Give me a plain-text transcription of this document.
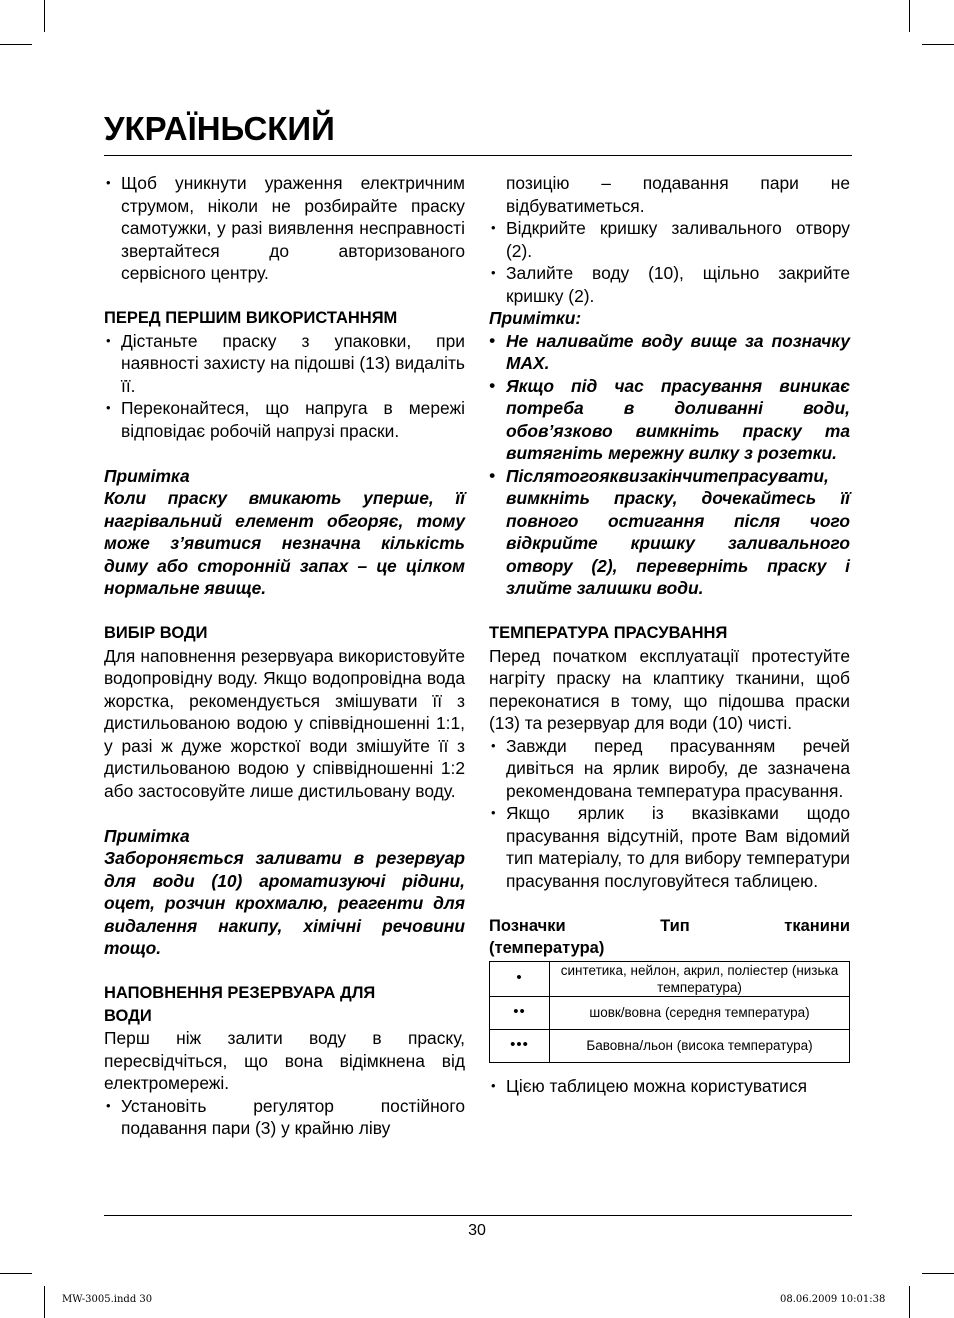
УКРАЇНЬСКИЙ

• Щоб уникнути ураження електричним струмом, ніколи не розбирайте праску самотужки, у разі виявлення несправності звертайтеся до авторизованого сервісного центру.

ПЕРЕД ПЕРШИМ ВИКОРИСТАННЯМ

• Дістаньте праску з упаковки, при наявності захисту на підошві (13) видаліть її.

• Переконайтеся, що напруга в мережі відповідає робочій напрузі праски.

Примітка

Коли праску вмикають уперше, її нагрівальний елемент обгоряє, тому може з’явитися незначна кількість диму або сторонній запах – це цілком нормальне явище.

ВИБІР ВОДИ

Для наповнення резервуара використовуйте водопровідну воду. Якщо водопровідна вода жорстка, рекомендується змішувати її з дистильованою водою у співвідношенні 1:1, у разі ж дуже жорсткої води змішуйте її з дистильованою водою у співвідношенні 1:2 або застосовуйте лише дистильовану воду.

Примітка

Забороняється заливати в резервуар для води (10) ароматизуючі рідини, оцет, розчин крохмалю, реагенти для видалення накипу, хімічні речовини тощо.

НАПОВНЕННЯ РЕЗЕРВУАРА ДЛЯ

ВОДИ

Перш ніж залити воду в праску, пересвідчіться, що вона відімкнена від електромережі.

• Установіть регулятор постійного подавання пари (3) у крайню ліву

позицію – подавання пари не відбуватиметься.

• Відкрийте кришку заливального отвору (2).

• Залийте воду (10), щільно закрийте кришку (2).

Примітки:

• Не наливайте воду вище за позначку MAX.

• Якщо під час прасування виникає потреба в доливанні води, обов’язково вимкніть праску та витягніть мережну вилку з розетки.

• Післятогояквизакінчитепрасувати, вимкніть праску, дочекайтесь її повного остигання після чого відкрийте кришку заливального отвору (2), переверніть праску і злийте залишки води.

ТЕМПЕРАТУРА ПРАСУВАННЯ

Перед початком експлуатації протестуйте нагріту праску на клаптику тканини, щоб переконатися в тому, що підошва праски (13) та резервуар для води (10) чисті.

• Завжди перед прасуванням речей дивіться на ярлик виробу, де зазначена рекомендована температура прасування.

• Якщо ярлик із вказівками щодо прасування відсутній, проте Вам відомий тип матеріалу, то для вибору температури прасування послуговуйтеся таблицею.

Позначки	Тип	тканини

(температура)

•	синтетика, нейлон, акрил, поліестер (низька температура)
••	шовк/вовна (середня температура)
•••	Бавовна/льон (висока температура)

• Цією таблицею можна користуватися

30
MW-3005.indd 30	08.06.2009 10:01:38
